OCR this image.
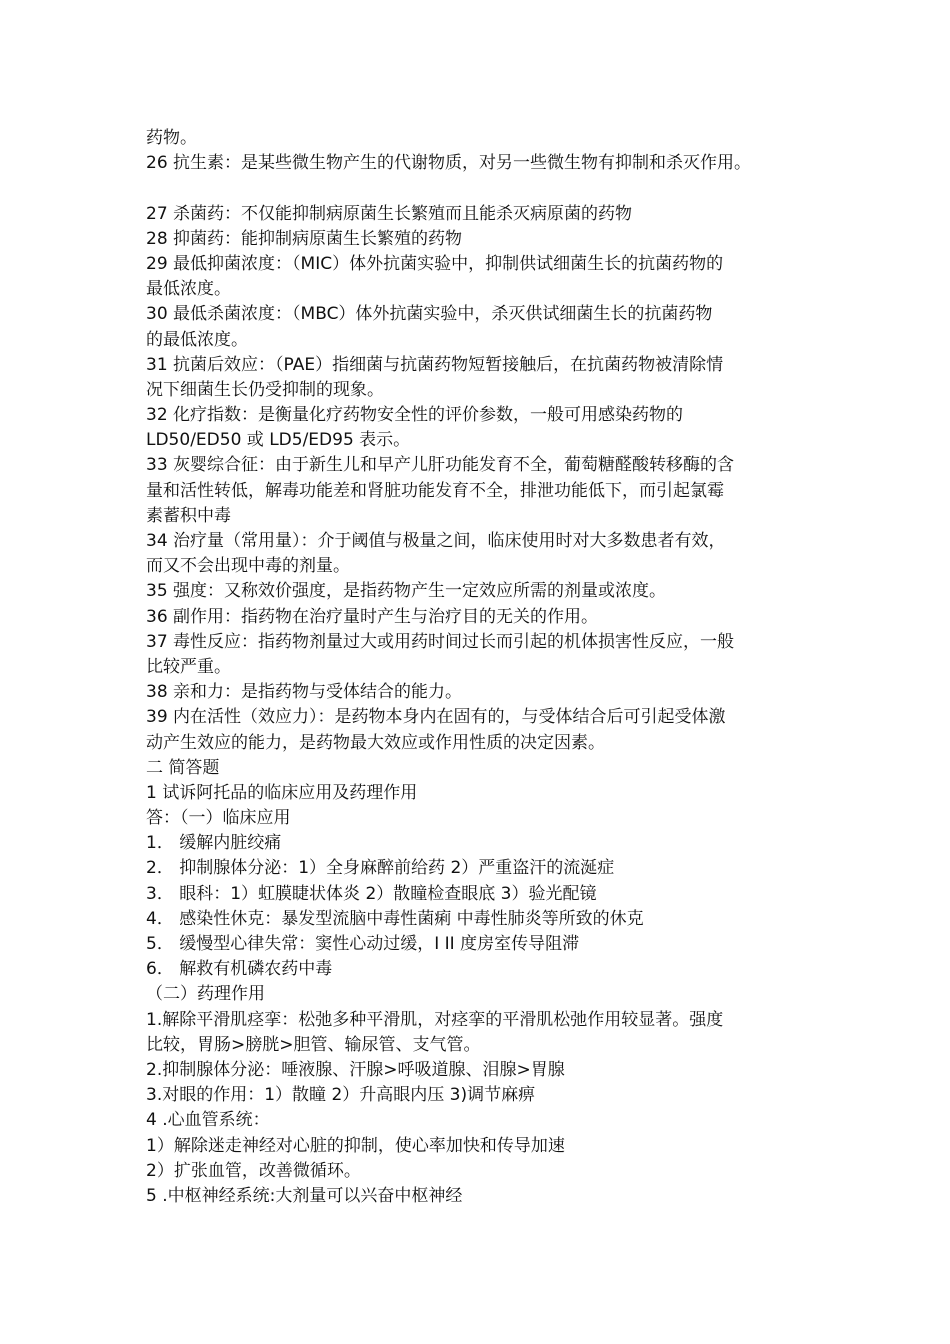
药物。
26 抗生素：是某些微生物产生的代谢物质，对另一些微生物有抑制和杀灭作用。
27 杀菌药：不仅能抑制病原菌生长繁殖而且能杀灭病原菌的药物
28 抑菌药：能抑制病原菌生长繁殖的药物
29 最低抑菌浓度：（MIC）体外抗菌实验中，抑制供试细菌生长的抗菌药物的
最低浓度。
30 最低杀菌浓度：（MBC）体外抗菌实验中，杀灭供试细菌生长的抗菌药物
的最低浓度。
31 抗菌后效应：（PAE）指细菌与抗菌药物短暂接触后，在抗菌药物被清除情
况下细菌生长仍受抑制的现象。
32 化疗指数：是衡量化疗药物安全性的评价参数，一般可用感染药物的
LD50/ED50 或 LD5/ED95 表示。
33 灰婴综合征：由于新生儿和早产儿肝功能发育不全，葡萄糖醛酸转移酶的含
量和活性转低，解毒功能差和肾脏功能发育不全，排泄功能低下，而引起氯霉
素蓄积中毒
34 治疗量（常用量）：介于阈值与极量之间，临床使用时对大多数患者有效，
而又不会出现中毒的剂量。
35 强度：又称效价强度，是指药物产生一定效应所需的剂量或浓度。
36 副作用：指药物在治疗量时产生与治疗目的无关的作用。
37 毒性反应：指药物剂量过大或用药时间过长而引起的机体损害性反应，一般
比较严重。
38 亲和力：是指药物与受体结合的能力。
39 内在活性（效应力）：是药物本身内在固有的，与受体结合后可引起受体激
动产生效应的能力，是药物最大效应或作用性质的决定因素。
二 简答题
1 试诉阿托品的临床应用及药理作用
答：（一）临床应用
1． 缓解内脏绞痛
2． 抑制腺体分泌：1）全身麻醉前给药 2）严重盗汗的流涎症
3． 眼科：1）虹膜睫状体炎 2）散瞳检查眼底 3）验光配镜
4． 感染性休克：暴发型流脑中毒性菌痢 中毒性肺炎等所致的休克
5． 缓慢型心律失常：窦性心动过缓，I II 度房室传导阻滞
6． 解救有机磷农药中毒
（二）药理作用
1.解除平滑肌痉挛：松弛多种平滑肌，对痉挛的平滑肌松弛作用较显著。强度
比较，胃肠>膀胱>胆管、输尿管、支气管。
2.抑制腺体分泌：唾液腺、汗腺>呼吸道腺、泪腺>胃腺
3.对眼的作用：1）散瞳 2）升高眼内压 3)调节麻痹
4 .心血管系统：
1）解除迷走神经对心脏的抑制，使心率加快和传导加速
2）扩张血管，改善微循环。
5 .中枢神经系统:大剂量可以兴奋中枢神经
